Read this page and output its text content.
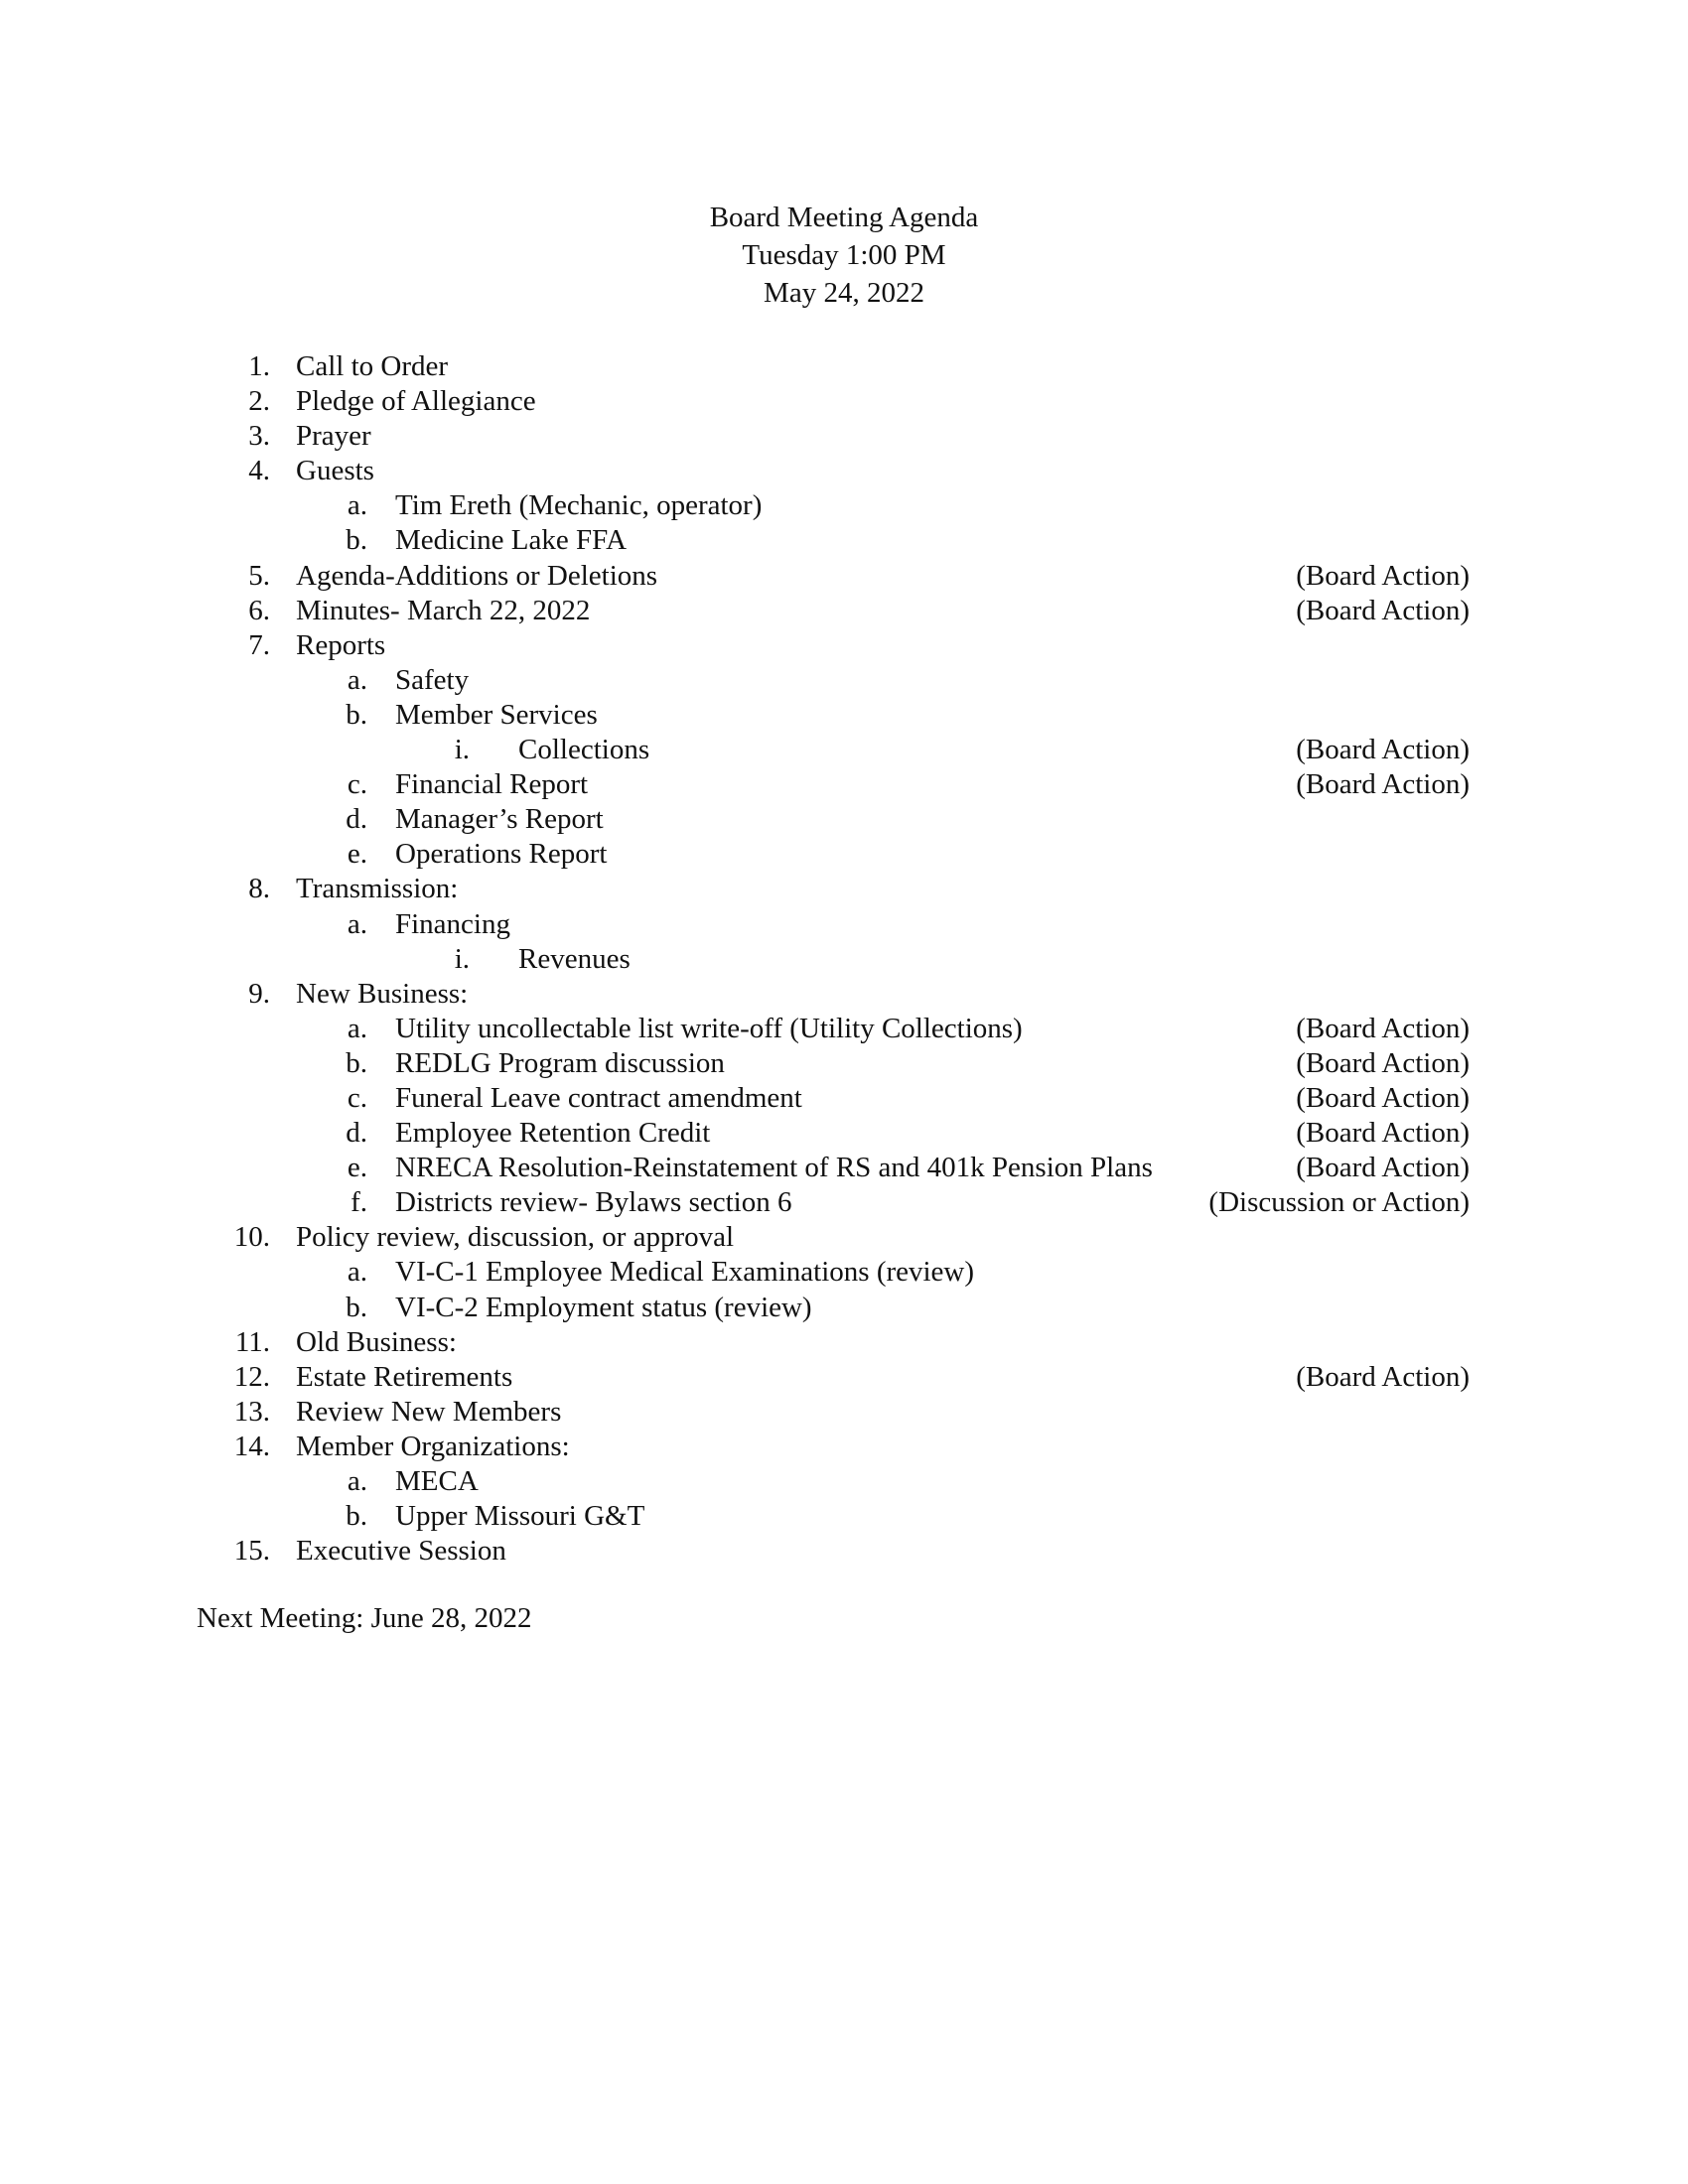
Board Meeting Agenda
Tuesday 1:00 PM
May 24, 2022
1. Call to Order
2. Pledge of Allegiance
3. Prayer
4. Guests
a. Tim Ereth (Mechanic, operator)
b. Medicine Lake FFA
5. Agenda-Additions or Deletions	(Board Action)
6. Minutes- March 22, 2022	(Board Action)
7. Reports
a. Safety
b. Member Services
i. Collections	(Board Action)
c. Financial Report	(Board Action)
d. Manager’s Report
e. Operations Report
8. Transmission:
a. Financing
i. Revenues
9. New Business:
a. Utility uncollectable list write-off (Utility Collections)	(Board Action)
b. REDLG Program discussion	(Board Action)
c. Funeral Leave contract amendment	(Board Action)
d. Employee Retention Credit	(Board Action)
e. NRECA Resolution-Reinstatement of RS and 401k Pension Plans	(Board Action)
f. Districts review- Bylaws section 6	(Discussion or Action)
10. Policy review, discussion, or approval
a. VI-C-1 Employee Medical Examinations (review)
b. VI-C-2 Employment status (review)
11. Old Business:
12. Estate Retirements	(Board Action)
13. Review New Members
14. Member Organizations:
a. MECA
b. Upper Missouri G&T
15. Executive Session
Next Meeting: June 28, 2022
